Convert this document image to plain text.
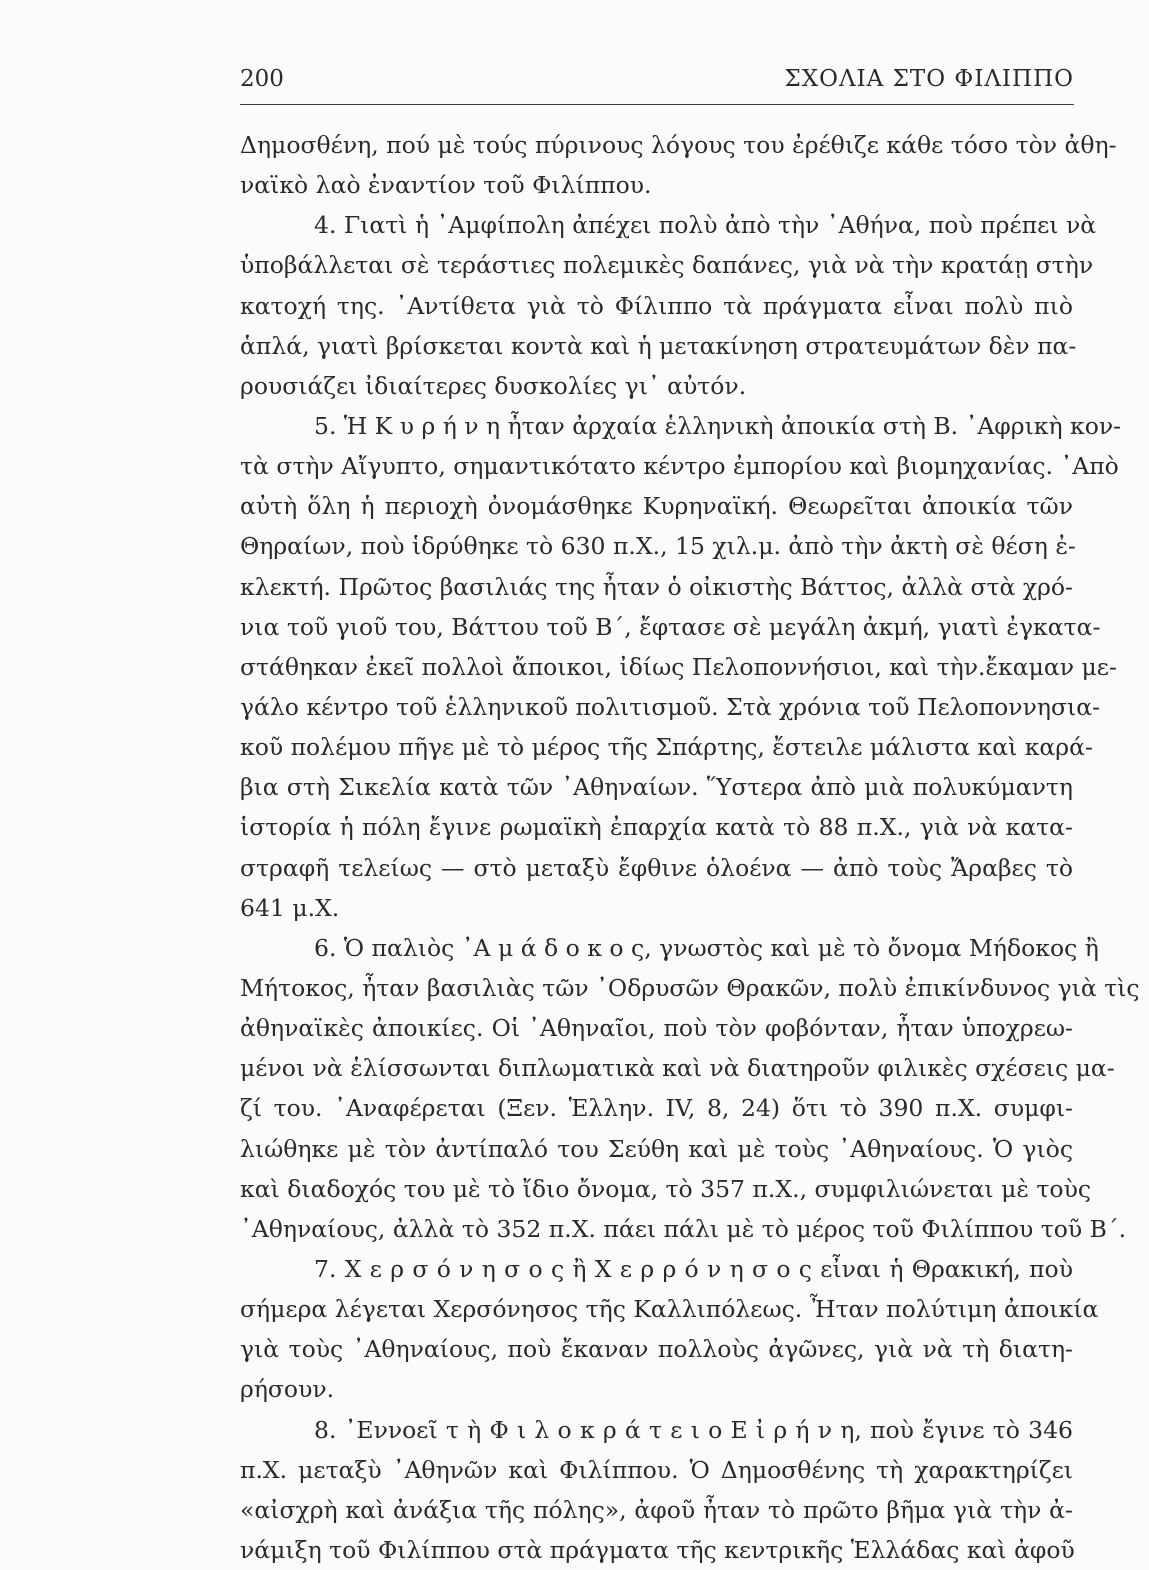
200	ΣΧΟΛΙΑ ΣΤΟ ΦΙΛΙΠΠΟ
Δημοσθένη, πού μὲ τούς πύρινους λόγους του ἐρέθιζε κάθε τόσο τὸν ἀθη-
ναϊκὸ λαὸ ἐναντίον τοῦ Φιλίππου.
4. Γιατὶ ἡ ᾿Αμφίπολη ἀπέχει πολὺ ἀπὸ τὴν ᾿Αθήνα, ποὺ πρέπει νὰ
ὑποβάλλεται σὲ τεράστιες πολεμικὲς δαπάνες, γιὰ νὰ τὴν κρατάῃ στὴν
κατοχή της. ᾿Αντίθετα γιὰ τὸ Φίλιππο τὰ πράγματα εἶναι πολὺ πιὸ
ἁπλά, γιατὶ βρίσκεται κοντὰ καὶ ἡ μετακίνηση στρατευμάτων δὲν πα-
ρουσιάζει ἰδιαίτερες δυσκολίες γι᾿ αὐτόν.
5. Ἡ Κ υ ρ ή ν η ἦταν ἀρχαία ἑλληνικὴ ἀποικία στὴ Β. ᾿Αφρικὴ κον-
τὰ στὴν Αἴγυπτο, σημαντικότατο κέντρο ἐμπορίου καὶ βιομηχανίας. ᾿Απὸ
αὐτὴ ὅλη ἡ περιοχὴ ὀνομάσθηκε Κυρηναϊκή. Θεωρεῖται ἀποικία τῶν
Θηραίων, ποὺ ἱδρύθηκε τὸ 630 π.Χ., 15 χιλ.μ. ἀπὸ τὴν ἀκτὴ σὲ θέση ἐ-
κλεκτή. Πρῶτος βασιλιάς της ἦταν ὁ οἰκιστὴς Βάττος, ἀλλὰ στὰ χρό-
νια τοῦ γιοῦ του, Βάττου τοῦ Β΄, ἔφτασε σὲ μεγάλη ἀκμή, γιατὶ ἐγκατα-
στάθηκαν ἐκεῖ πολλοὶ ἄποικοι, ἰδίως Πελοποννήσιοι, καὶ τὴν.ἔκαμαν με-
γάλο κέντρο τοῦ ἑλληνικοῦ πολιτισμοῦ. Στὰ χρόνια τοῦ Πελοποννησια-
κοῦ πολέμου πῆγε μὲ τὸ μέρος τῆς Σπάρτης, ἔστειλε μάλιστα καὶ καρά-
βια στὴ Σικελία κατὰ τῶν ᾿Αθηναίων. Ὕστερα ἀπὸ μιὰ πολυκύμαντη
ἱστορία ἡ πόλη ἔγινε ρωμαϊκὴ ἐπαρχία κατὰ τὸ 88 π.Χ., γιὰ νὰ κατα-
στραφῆ τελείως — στὸ μεταξὺ ἔφθινε ὁλοένα — ἀπὸ τοὺς Ἄραβες τὸ
641 μ.Χ.
6. Ὁ παλιὸς ᾿Α μ ά δ ο κ ο ς, γνωστὸς καὶ μὲ τὸ ὄνομα Μήδοκος ἢ
Μήτοκος, ἦταν βασιλιὰς τῶν ᾿Οδρυσῶν Θρακῶν, πολὺ ἐπικίνδυνος γιὰ τὶς
ἀθηναϊκὲς ἀποικίες. Οἱ ᾿Αθηναῖοι, ποὺ τὸν φοβόνταν, ἦταν ὑποχρεω-
μένοι νὰ ἑλίσσωνται διπλωματικὰ καὶ νὰ διατηροῦν φιλικὲς σχέσεις μα-
ζί του. ᾿Αναφέρεται (Ξεν. Ἑλλην. IV, 8, 24) ὅτι τὸ 390 π.Χ. συμφι-
λιώθηκε μὲ τὸν ἀντίπαλό του Σεύθη καὶ μὲ τοὺς ᾿Αθηναίους. Ὁ γιὸς
καὶ διαδοχός του μὲ τὸ ἴδιο ὄνομα, τὸ 357 π.Χ., συμφιλιώνεται μὲ τοὺς
᾿Αθηναίους, ἀλλὰ τὸ 352 π.Χ. πάει πάλι μὲ τὸ μέρος τοῦ Φιλίππου τοῦ Β΄.
7. Χ ε ρ σ ό ν η σ ο ς ἢ Χ ε ρ ρ ό ν η σ ο ς εἶναι ἡ Θρακική, ποὺ
σήμερα λέγεται Χερσόνησος τῆς Καλλιπόλεως. Ἦταν πολύτιμη ἀποικία
γιὰ τοὺς ᾿Αθηναίους, ποὺ ἔκαναν πολλοὺς ἀγῶνες, γιὰ νὰ τὴ διατη-
ρήσουν.
8. ᾿Εννοεῖ τ ὴ Φ ι λ ο κ ρ ά τ ε ι ο Ε ἰ ρ ή ν η, ποὺ ἔγινε τὸ 346
π.Χ. μεταξὺ ᾿Αθηνῶν καὶ Φιλίππου. Ὁ Δημοσθένης τὴ χαρακτηρίζει
«αἰσχρὴ καὶ ἀνάξια τῆς πόλης», ἀφοῦ ἦταν τὸ πρῶτο βῆμα γιὰ τὴν ἀ-
νάμιξη τοῦ Φιλίππου στὰ πράγματα τῆς κεντρικῆς Ἑλλάδας καὶ ἀφοῦ
